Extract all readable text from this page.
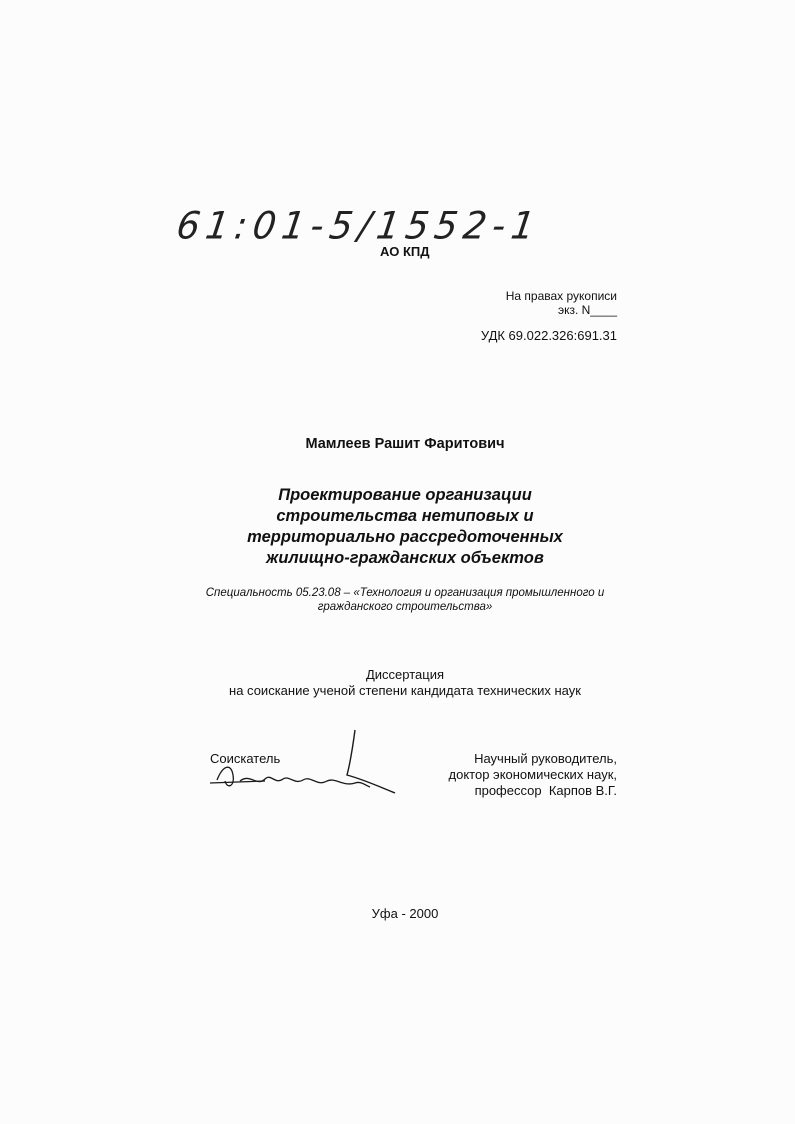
61:01-5/1552-1
АО КПД
На правах рукописи
экз. N____
УДК 69.022.326:691.31
Мамлеев Рашит Фаритович
Проектирование организации
строительства нетиповых и
территориально рассредоточенных
жилищно-гражданских объектов
Специальность 05.23.08 – «Технология и организация промышленного и
гражданского строительства»
Диссертация
на соискание ученой степени кандидата технических наук
Соискатель	Научный руководитель,
доктор экономических наук,
профессор  Карпов В.Г.
Уфа - 2000
